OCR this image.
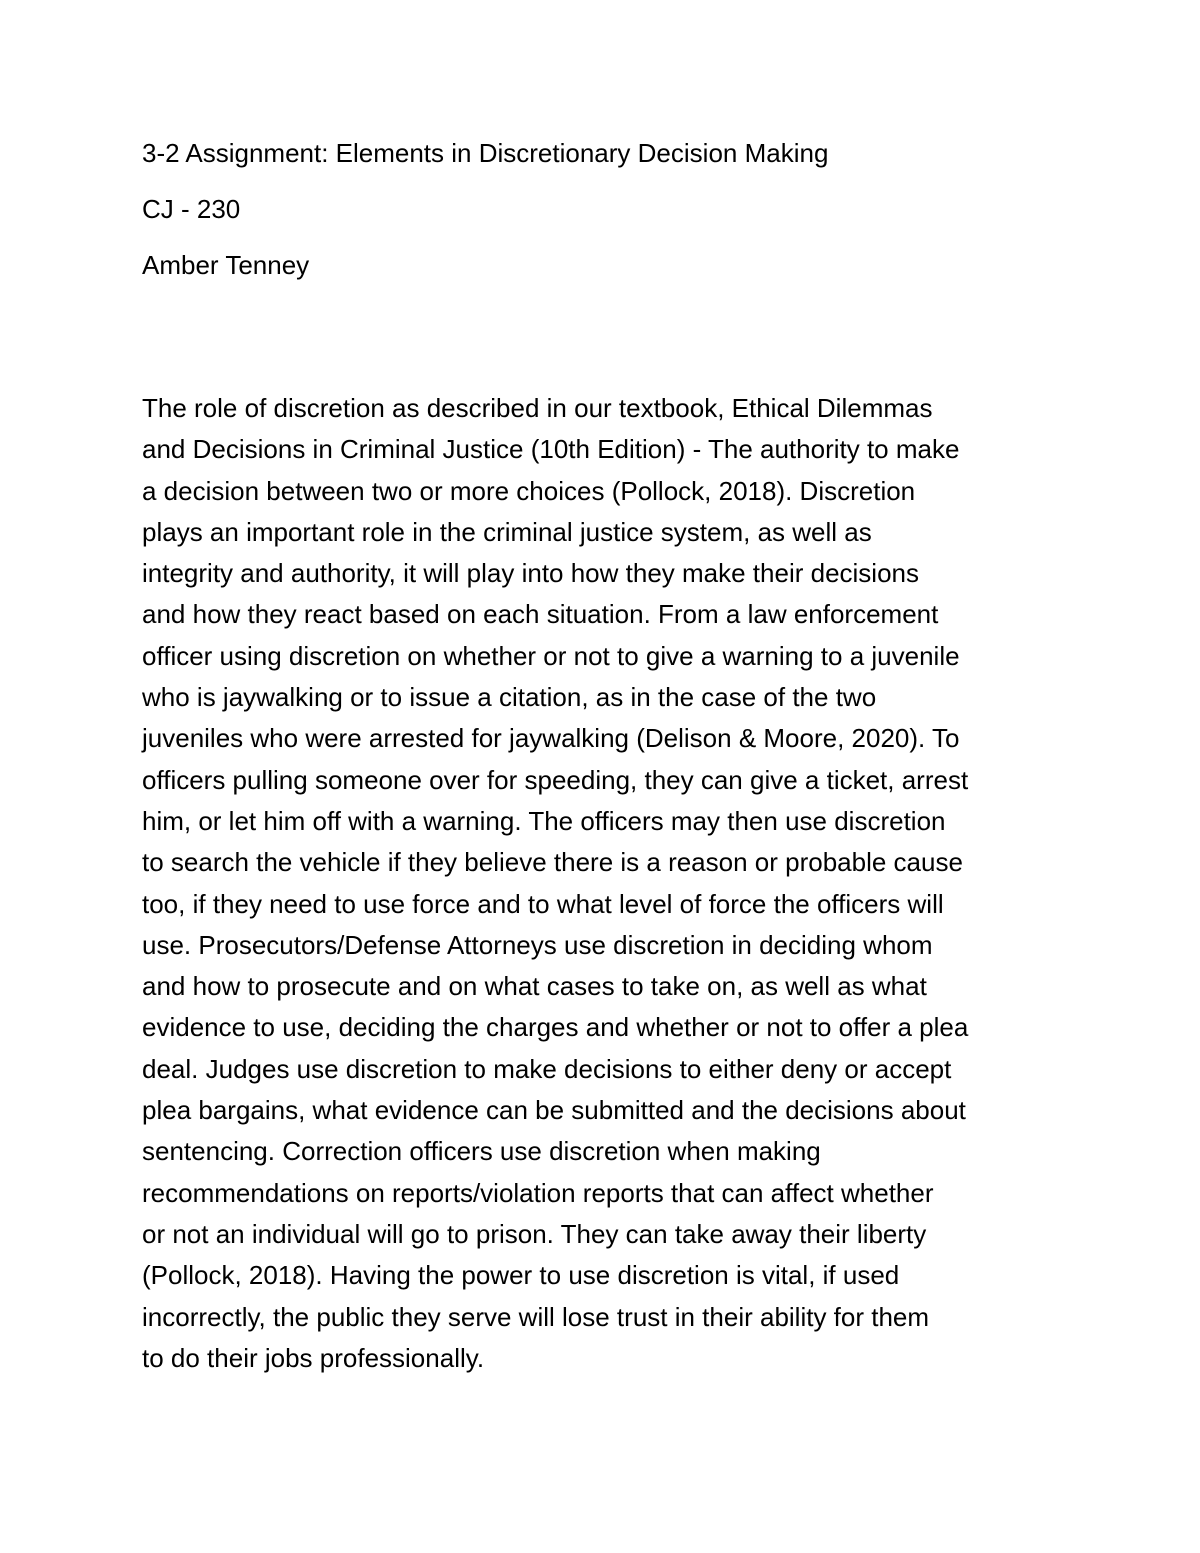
3-2 Assignment: Elements in Discretionary Decision Making
CJ - 230
Amber Tenney
The role of discretion as described in our textbook, Ethical Dilemmas
and Decisions in Criminal Justice (10th Edition) - The authority to make
a decision between two or more choices (Pollock, 2018). Discretion
plays an important role in the criminal justice system, as well as
integrity and authority, it will play into how they make their decisions
and how they react based on each situation. From a law enforcement
officer using discretion on whether or not to give a warning to a juvenile
who is jaywalking or to issue a citation, as in the case of the two
juveniles who were arrested for jaywalking (Delison & Moore, 2020). To
officers pulling someone over for speeding, they can give a ticket, arrest
him, or let him off with a warning. The officers may then use discretion
to search the vehicle if they believe there is a reason or probable cause
too, if they need to use force and to what level of force the officers will
use. Prosecutors/Defense Attorneys use discretion in deciding whom
and how to prosecute and on what cases to take on, as well as what
evidence to use, deciding the charges and whether or not to offer a plea
deal. Judges use discretion to make decisions to either deny or accept
plea bargains, what evidence can be submitted and the decisions about
sentencing. Correction officers use discretion when making
recommendations on reports/violation reports that can affect whether
or not an individual will go to prison. They can take away their liberty
(Pollock, 2018). Having the power to use discretion is vital, if used
incorrectly, the public they serve will lose trust in their ability for them
to do their jobs professionally.
